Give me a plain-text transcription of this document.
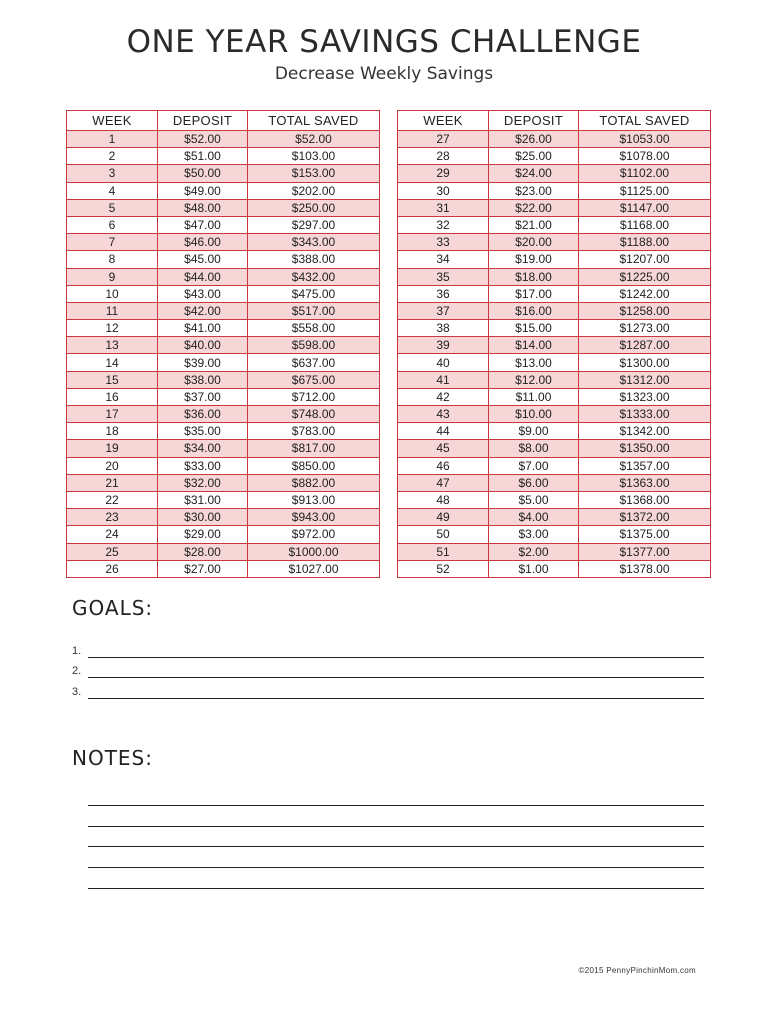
ONE YEAR SAVINGS CHALLENGE
Decrease Weekly Savings
WEEK	DEPOSIT	TOTAL SAVED
1	$52.00	$52.00
2	$51.00	$103.00
3	$50.00	$153.00
4	$49.00	$202.00
5	$48.00	$250.00
6	$47.00	$297.00
7	$46.00	$343.00
8	$45.00	$388.00
9	$44.00	$432.00
10	$43.00	$475.00
11	$42.00	$517.00
12	$41.00	$558.00
13	$40.00	$598.00
14	$39.00	$637.00
15	$38.00	$675.00
16	$37.00	$712.00
17	$36.00	$748.00
18	$35.00	$783.00
19	$34.00	$817.00
20	$33.00	$850.00
21	$32.00	$882.00
22	$31.00	$913.00
23	$30.00	$943.00
24	$29.00	$972.00
25	$28.00	$1000.00
26	$27.00	$1027.00
WEEK	DEPOSIT	TOTAL SAVED
27	$26.00	$1053.00
28	$25.00	$1078.00
29	$24.00	$1102.00
30	$23.00	$1125.00
31	$22.00	$1147.00
32	$21.00	$1168.00
33	$20.00	$1188.00
34	$19.00	$1207.00
35	$18.00	$1225.00
36	$17.00	$1242.00
37	$16.00	$1258.00
38	$15.00	$1273.00
39	$14.00	$1287.00
40	$13.00	$1300.00
41	$12.00	$1312.00
42	$11.00	$1323.00
43	$10.00	$1333.00
44	$9.00	$1342.00
45	$8.00	$1350.00
46	$7.00	$1357.00
47	$6.00	$1363.00
48	$5.00	$1368.00
49	$4.00	$1372.00
50	$3.00	$1375.00
51	$2.00	$1377.00
52	$1.00	$1378.00
GOALS:
1.
2.
3.
NOTES:
©2015 PennyPinchinMom.com
